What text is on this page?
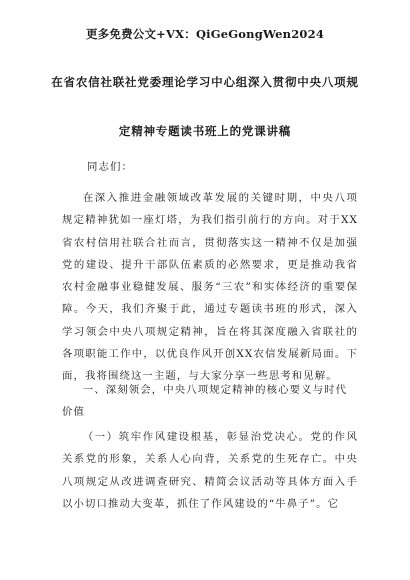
更多免费公文+VX：QiGeGongWen2024
在省农信社联社党委理论学习中心组深入贯彻中央八项规
定精神专题读书班上的党课讲稿
同志们：
在深入推进金融领域改革发展的关键时期，中央八项规定精神犹如一座灯塔，为我们指引前行的方向。对于XX省农村信用社联合社而言，贯彻落实这一精神不仅是加强党的建设、提升干部队伍素质的必然要求，更是推动我省农村金融事业稳健发展、服务“三农”和实体经济的重要保障。今天，我们齐聚于此，通过专题读书班的形式，深入学习领会中央八项规定精神，旨在将其深度融入省联社的各项职能工作中，以优良作风开创XX农信发展新局面。下面，我将围绕这一主题，与大家分享一些思考和见解。
一、深刻领会，中央八项规定精神的核心要义与时代价值
（一）筑牢作风建设根基，彰显治党决心。党的作风关系党的形象，关系人心向背，关系党的生死存亡。中央八项规定从改进调查研究、精简会议活动等具体方面入手以小切口推动大变革，抓住了作风建设的“牛鼻子”。它
